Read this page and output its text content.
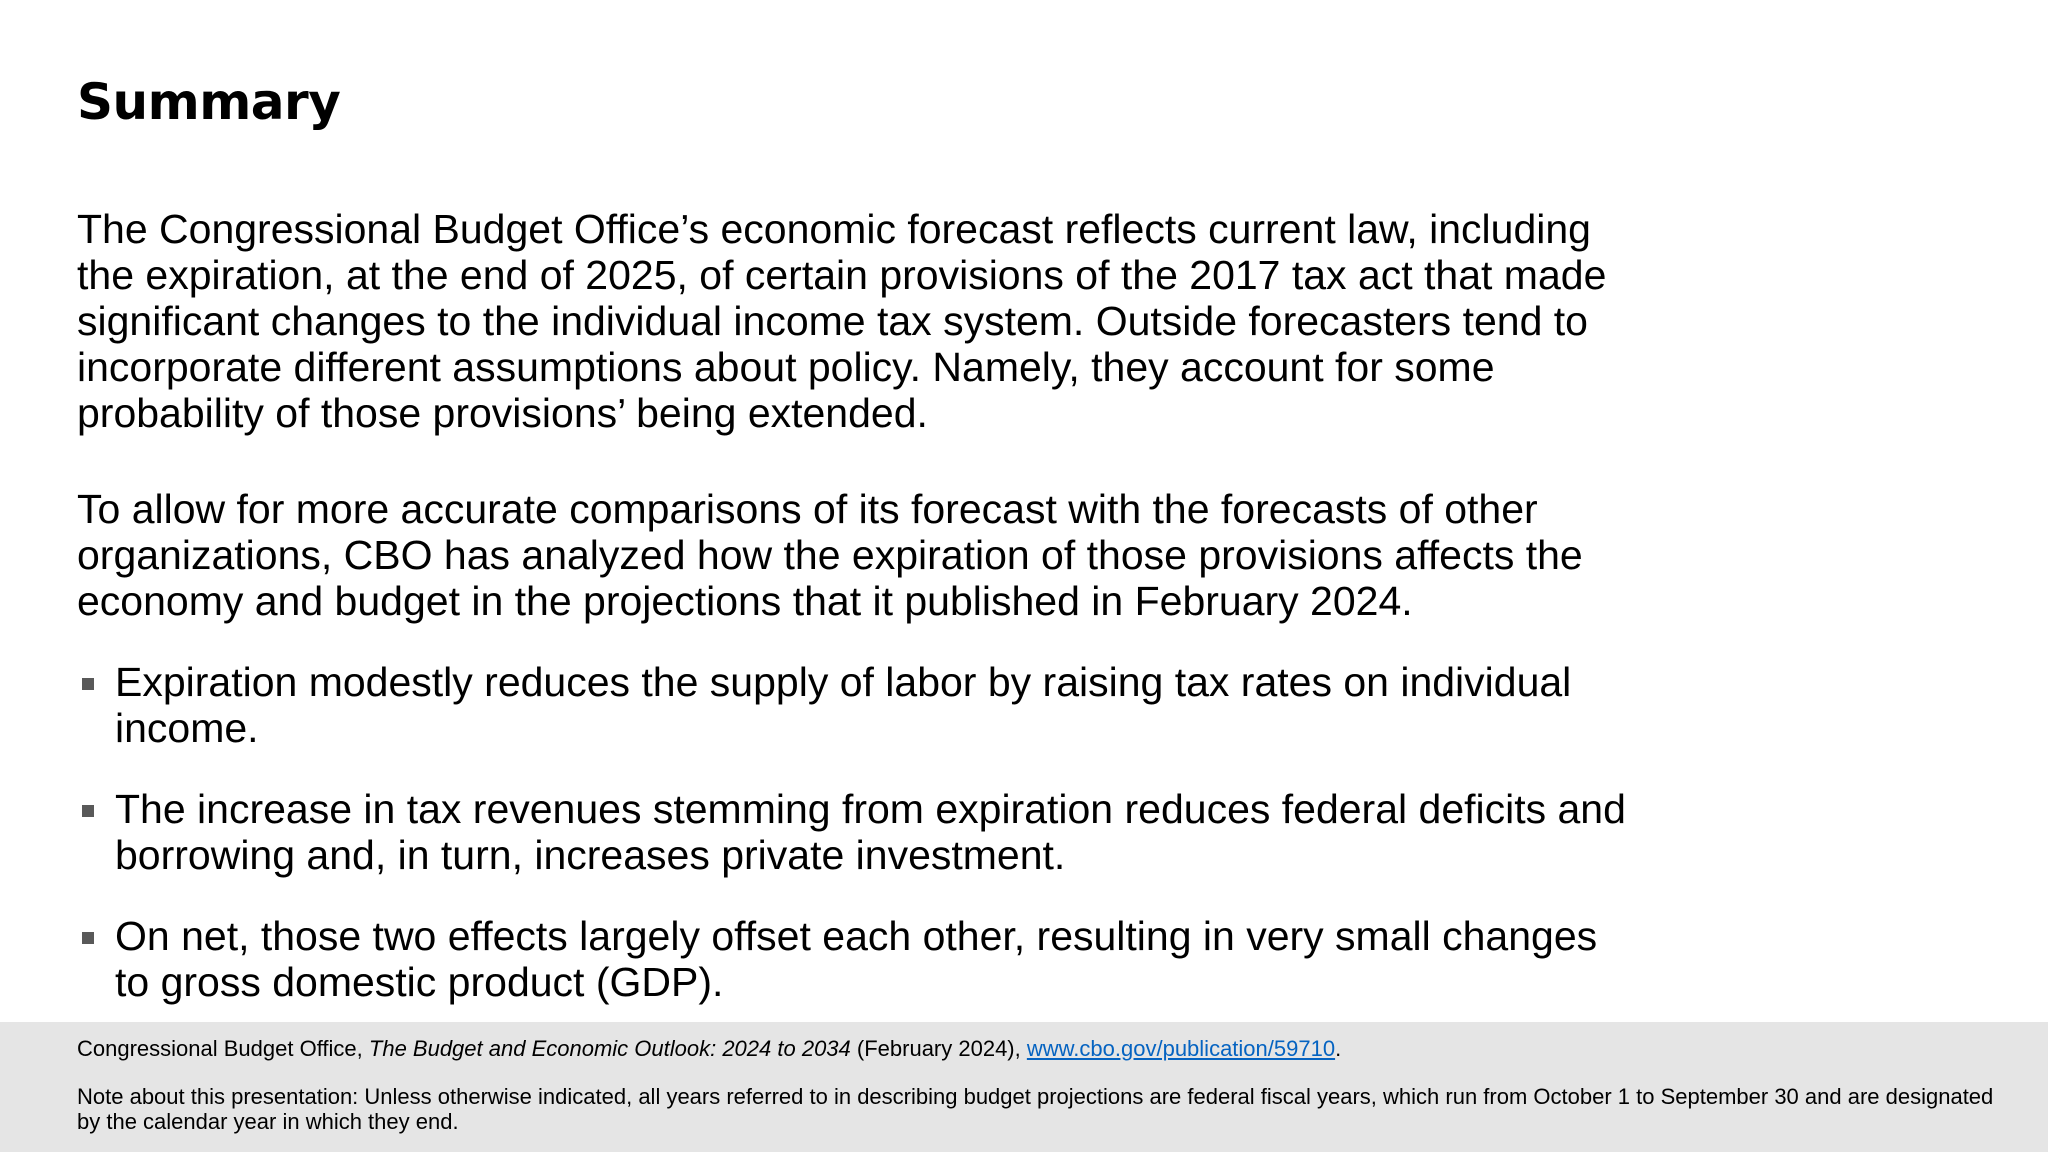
Summary

The Congressional Budget Office’s economic forecast reflects current law, including the expiration, at the end of 2025, of certain provisions of the 2017 tax act that made significant changes to the individual income tax system. Outside forecasters tend to incorporate different assumptions about policy. Namely, they account for some probability of those provisions’ being extended.

To allow for more accurate comparisons of its forecast with the forecasts of other organizations, CBO has analyzed how the expiration of those provisions affects the economy and budget in the projections that it published in February 2024.

Expiration modestly reduces the supply of labor by raising tax rates on individual income.
The increase in tax revenues stemming from expiration reduces federal deficits and borrowing and, in turn, increases private investment.
On net, those two effects largely offset each other, resulting in very small changes to gross domestic product (GDP).

Congressional Budget Office, The Budget and Economic Outlook: 2024 to 2034 (February 2024), www.cbo.gov/publication/59710.

Note about this presentation: Unless otherwise indicated, all years referred to in describing budget projections are federal fiscal years, which run from October 1 to September 30 and are designated by the calendar year in which they end.
